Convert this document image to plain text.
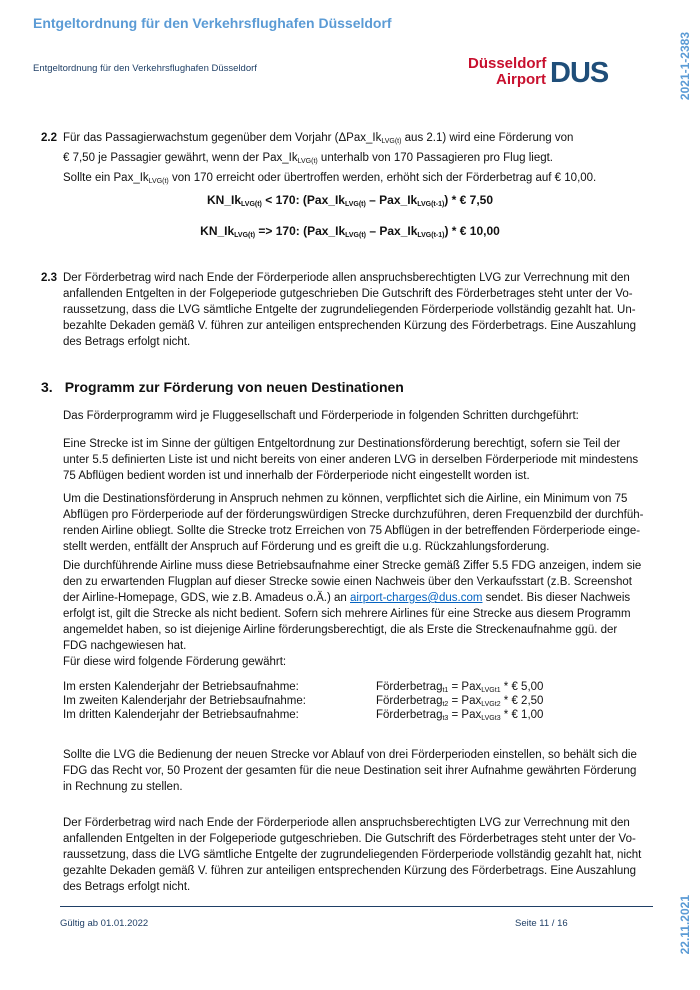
Entgeltordnung für den Verkehrsflughafen Düsseldorf
Entgeltordnung für den Verkehrsflughafen Düsseldorf	Düsseldorf
Airport DUS	2021-1-2383
2.2 Für das Passagierwachstum gegenüber dem Vorjahr ($\Delta Pax\_Ik_{LVG(t)}$ aus 2.1) wird eine Förderung von
€ 7,50 je Passagier gewährt, wenn der $Pax\_Ik_{LVG(t)}$ unterhalb von 170 Passagieren pro Flug liegt.
Sollte ein $Pax\_Ik_{LVG(t)}$ von 170 erreicht oder übertroffen werden, erhöht sich der Förderbetrag auf € 10,00.
$KN\_Ik_{LVG(t)} < 170$: ($Pax\_Ik_{LVG(t)}$ – $Pax\_Ik_{LVG(t-1)}$) * € 7,50
$KN\_Ik_{LVG(t)} => 170$: ($Pax\_Ik_{LVG(t)}$ – $Pax\_Ik_{LVG(t-1)}$) * € 10,00
2.3 Der Förderbetrag wird nach Ende der Förderperiode allen anspruchsberechtigten LVG zur Verrechnung mit den
anfallenden Entgelten in der Folgeperiode gutgeschrieben Die Gutschrift des Förderbetrages steht unter der Vo-
raussetzung, dass die LVG sämtliche Entgelte der zugrundeliegenden Förderperiode vollständig gezahlt hat. Un-
bezahlte Dekaden gemäß V. führen zur anteiligen entsprechenden Kürzung des Förderbetrags. Eine Auszahlung
des Betrags erfolgt nicht.
3. Programm zur Förderung von neuen Destinationen
Das Förderprogramm wird je Fluggesellschaft und Förderperiode in folgenden Schritten durchgeführt:
Eine Strecke ist im Sinne der gültigen Entgeltordnung zur Destinationsförderung berechtigt, sofern sie Teil der
unter 5.5 definierten Liste ist und nicht bereits von einer anderen LVG in derselben Förderperiode mit mindestens
75 Abflügen bedient worden ist und innerhalb der Förderperiode nicht eingestellt worden ist.
Um die Destinationsförderung in Anspruch nehmen zu können, verpflichtet sich die Airline, ein Minimum von 75
Abflügen pro Förderperiode auf der förderungswürdigen Strecke durchzuführen, deren Frequenzbild der durchfüh-
renden Airline obliegt. Sollte die Strecke trotz Erreichen von 75 Abflügen in der betreffenden Förderperiode einge-
stellt werden, entfällt der Anspruch auf Förderung und es greift die u.g. Rückzahlungsforderung.
Die durchführende Airline muss diese Betriebsaufnahme einer Strecke gemäß Ziffer 5.5 FDG anzeigen, indem sie
den zu erwartenden Flugplan auf dieser Strecke sowie einen Nachweis über den Verkaufsstart (z.B. Screenshot
der Airline-Homepage, GDS, wie z.B. Amadeus o.Ä.) an airport-charges@dus.com sendet. Bis dieser Nachweis
erfolgt ist, gilt die Strecke als nicht bedient. Sofern sich mehrere Airlines für eine Strecke aus diesem Programm
angemeldet haben, so ist diejenige Airline förderungsberechtigt, die als Erste die Streckenaufnahme ggü. der
FDG nachgewiesen hat.
Für diese wird folgende Förderung gewährt:
Im ersten Kalenderjahr der Betriebsaufnahme:	Förderbetrag$_{t1}$ = Pax$_{LVGt1}$ * € 5,00
Im zweiten Kalenderjahr der Betriebsaufnahme:	Förderbetrag$_{t2}$ = Pax$_{LVGt2}$ * € 2,50
Im dritten Kalenderjahr der Betriebsaufnahme:	Förderbetrag$_{t3}$ = Pax$_{LVGt3}$ * € 1,00
Sollte die LVG die Bedienung der neuen Strecke vor Ablauf von drei Förderperioden einstellen, so behält sich die
FDG das Recht vor, 50 Prozent der gesamten für die neue Destination seit ihrer Aufnahme gewährten Förderung
in Rechnung zu stellen.
Der Förderbetrag wird nach Ende der Förderperiode allen anspruchsberechtigten LVG zur Verrechnung mit den
anfallenden Entgelten in der Folgeperiode gutgeschrieben. Die Gutschrift des Förderbetrages steht unter der Vo-
raussetzung, dass die LVG sämtliche Entgelte der zugrundeliegenden Förderperiode vollständig gezahlt hat, nicht
gezahlte Dekaden gemäß V. führen zur anteiligen entsprechenden Kürzung des Förderbetrags. Eine Auszahlung
des Betrags erfolgt nicht.
Gültig ab 01.01.2022	Seite 11 / 16	22.11.2021
